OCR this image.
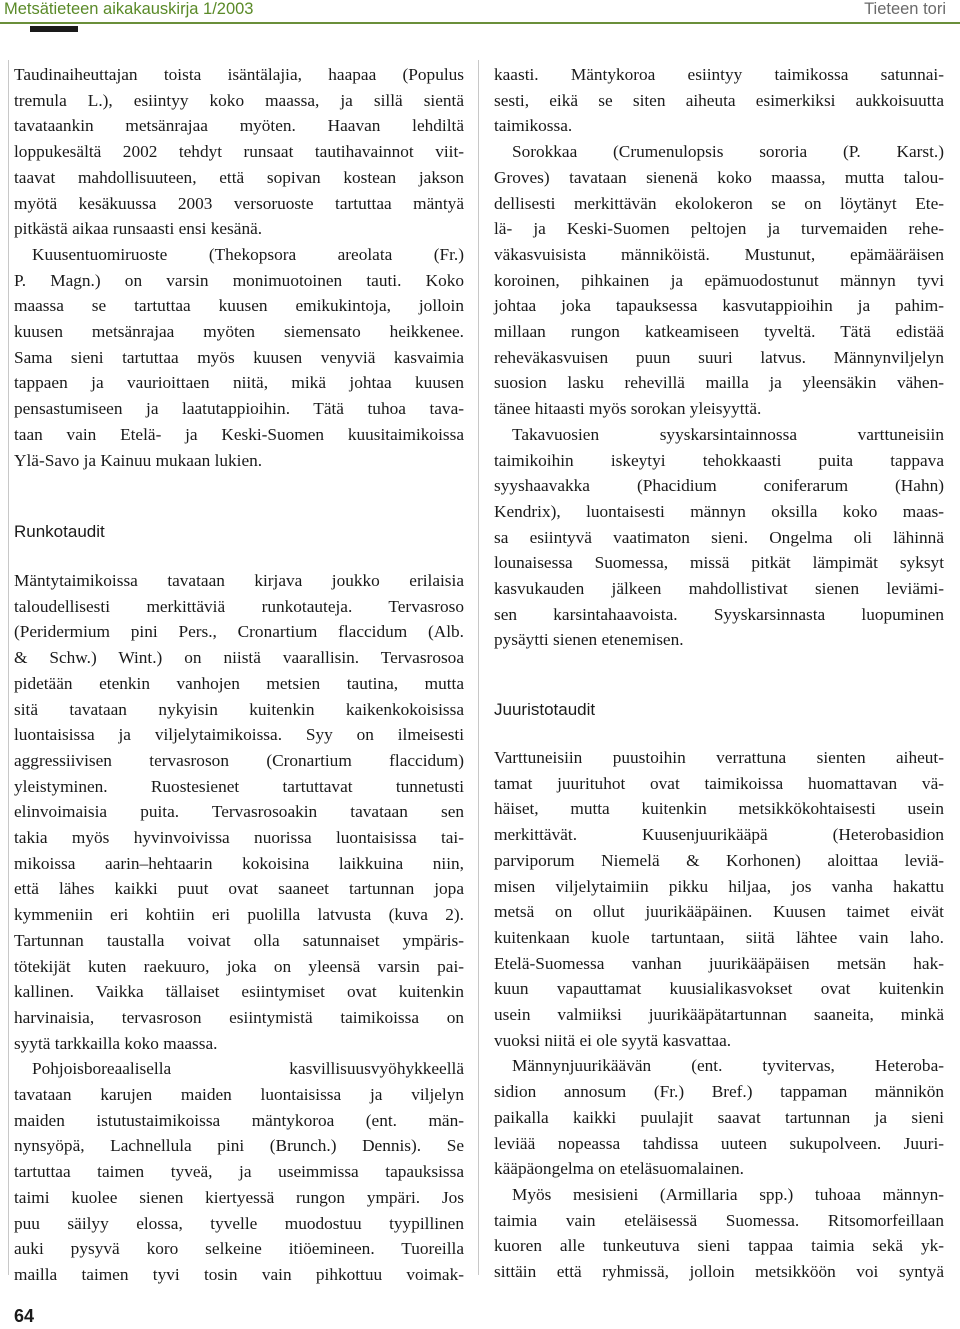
Metsätieteen aikakauskirja 1/2003	Tieteen tori

Taudinaiheuttajan toista isäntälajia, haapaa (Populus

tremula L.), esiintyy koko maassa, ja sillä sientä

tavataankin metsänrajaa myöten. Haavan lehdiltä

loppukesältä 2002 tehdyt runsaat tautihavainnot viit-

taavat mahdollisuuteen, että sopivan kostean jakson

myötä kesäkuussa 2003 versoruoste tartuttaa mäntyä

pitkästä aikaa runsaasti ensi kesänä.

Kuusentuomiruoste (Thekopsora areolata (Fr.)

P. Magn.) on varsin monimuotoinen tauti. Koko

maassa se tartuttaa kuusen emikukintoja, jolloin

kuusen metsänrajaa myöten siemensato heikkenee.

Sama sieni tartuttaa myös kuusen venyviä kasvaimia

tappaen ja vaurioittaen niitä, mikä johtaa kuusen

pensastumiseen ja laatutappioihin. Tätä tuhoa tava-

taan vain Etelä- ja Keski-Suomen kuusitaimikoissa

Ylä-Savo ja Kainuu mukaan lukien.

Runkotaudit

Mäntytaimikoissa tavataan kirjava joukko erilaisia

taloudellisesti merkittäviä runkotauteja. Tervasroso

(Peridermium pini Pers., Cronartium flaccidum (Alb.

& Schw.) Wint.) on niistä vaarallisin. Tervasrosoa

pidetään etenkin vanhojen metsien tautina, mutta

sitä tavataan nykyisin kuitenkin kaikenkokoisissa

luontaisissa ja viljelytaimikoissa. Syy on ilmeisesti

aggressiivisen tervasroson (Cronartium flaccidum)

yleistyminen. Ruostesienet tartuttavat tunnetusti

elinvoimaisia puita. Tervasrosoakin tavataan sen

takia myös hyvinvoivissa nuorissa luontaisissa tai-

mikoissa aarin–hehtaarin kokoisina laikkuina niin,

että lähes kaikki puut ovat saaneet tartunnan jopa

kymmeniin eri kohtiin eri puolilla latvusta (kuva 2).

Tartunnan taustalla voivat olla satunnaiset ympäris-

tötekijät kuten raekuuro, joka on yleensä varsin pai-

kallinen. Vaikka tällaiset esiintymiset ovat kuitenkin

harvinaisia, tervasroson esiintymistä taimikoissa on

syytä tarkkailla koko maassa.

Pohjoisboreaalisella kasvillisuusvyöhykkeellä

tavataan karujen maiden luontaisissa ja viljelyn

maiden istutustaimikoissa mäntykoroa (ent. män-

nynsyöpä, Lachnellula pini (Brunch.) Dennis). Se

tartuttaa taimen tyveä, ja useimmissa tapauksissa

taimi kuolee sienen kiertyessä rungon ympäri. Jos

puu säilyy elossa, tyvelle muodostuu tyypillinen

auki pysyvä koro selkeine itiöemineen. Tuoreilla

mailla taimen tyvi tosin vain pihkottuu voimak-

kaasti. Mäntykoroa esiintyy taimikossa satunnai-

sesti, eikä se siten aiheuta esimerkiksi aukkoisuutta

taimikossa.

Sorokkaa (Crumenulopsis sororia (P. Karst.)

Groves) tavataan sienenä koko maassa, mutta talou-

dellisesti merkittävän ekolokeron se on löytänyt Ete-

lä- ja Keski-Suomen peltojen ja turvemaiden rehe-

väkasvuisista männiköistä. Mustunut, epämääräisen

koroinen, pihkainen ja epämuodostunut männyn tyvi

johtaa joka tapauksessa kasvutappioihin ja pahim-

millaan rungon katkeamiseen tyveltä. Tätä edistää

reheväkasvuisen puun suuri latvus. Männynviljelyn

suosion lasku rehevillä mailla ja yleensäkin vähen-

tänee hitaasti myös sorokan yleisyyttä.

Takavuosien syyskarsintainnossa varttuneisiin

taimikoihin iskeytyi tehokkaasti puita tappava

syyshaavakka (Phacidium coniferarum (Hahn)

Kendrix), luontaisesti männyn oksilla koko maas-

sa esiintyvä vaatimaton sieni. Ongelma oli lähinnä

lounaisessa Suomessa, missä pitkät lämpimät syksyt

kasvukauden jälkeen mahdollistivat sienen leviämi-

sen karsintahaavoista. Syyskarsinnasta luopuminen

pysäytti sienen etenemisen.

Juuristotaudit

Varttuneisiin puustoihin verrattuna sienten aiheut-

tamat juurituhot ovat taimikoissa huomattavan vä-

häiset, mutta kuitenkin metsikkökohtaisesti usein

merkittävät. Kuusenjuurikääpä (Heterobasidion

parviporum Niemelä & Korhonen) aloittaa leviä-

misen viljelytaimiin pikku hiljaa, jos vanha hakattu

metsä on ollut juurikääpäinen. Kuusen taimet eivät

kuitenkaan kuole tartuntaan, siitä lähtee vain laho.

Etelä-Suomessa vanhan juurikääpäisen metsän hak-

kuun vapauttamat kuusialikasvokset ovat kuitenkin

usein valmiiksi juurikääpätartunnan saaneita, minkä

vuoksi niitä ei ole syytä kasvattaa.

Männynjuurikäävän (ent. tyvitervas, Heteroba-

sidion annosum (Fr.) Bref.) tappaman männikön

paikalla kaikki puulajit saavat tartunnan ja sieni

leviää nopeassa tahdissa uuteen sukupolveen. Juuri-

kääpäongelma on eteläsuomalainen.

Myös mesisieni (Armillaria spp.) tuhoaa männyn-

taimia vain eteläisessä Suomessa. Ritsomorfeillaan

kuoren alle tunkeutuva sieni tappaa taimia sekä yk-

sittäin että ryhmissä, jolloin metsikköön voi syntyä

64
